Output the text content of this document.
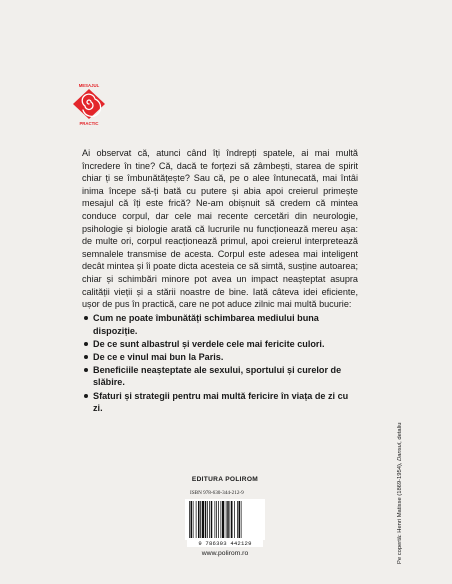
MESAJUL
PRACTIC

Ai observat că, atunci când îți îndrepți spatele, ai mai multă încredere în tine? Că, dacă te forțezi să zâmbești, starea de spirit chiar ți se îmbunătățește? Sau că, pe o alee întunecată, mai întâi inima începe să-ți bată cu putere și abia apoi creierul primește mesajul că îți este frică? Ne-am obișnuit să credem că mintea conduce corpul, dar cele mai recente cercetări din neurologie, psihologie și biologie arată că lucrurile nu funcționează mereu așa: de multe ori, corpul reacționează primul, apoi creierul interpretează semnalele transmise de acesta. Corpul este adesea mai inteligent decât mintea și îi poate dicta acesteia ce să simtă, susține autoarea; chiar și schimbări minore pot avea un impact neașteptat asupra calității vieții și a stării noastre de bine. Iată câteva idei eficiente, ușor de pus în practică, care ne pot aduce zilnic mai multă bucurie:

Cum ne poate îmbunătăți schimbarea mediului buna dispoziție.
De ce sunt albastrul și verdele cele mai fericite culori.
De ce e vinul mai bun la Paris.
Beneficiile neașteptate ale sexului, sportului și curelor de slăbire.
Sfaturi și strategii pentru mai multă fericire în viața de zi cu zi.
EDITURA POLIROM
ISBN 978-630-344-212-9
9 786303 442129
www.polirom.ro	Pe copertă: Henri Matisse (1869-1954), Dansul, detaliu
